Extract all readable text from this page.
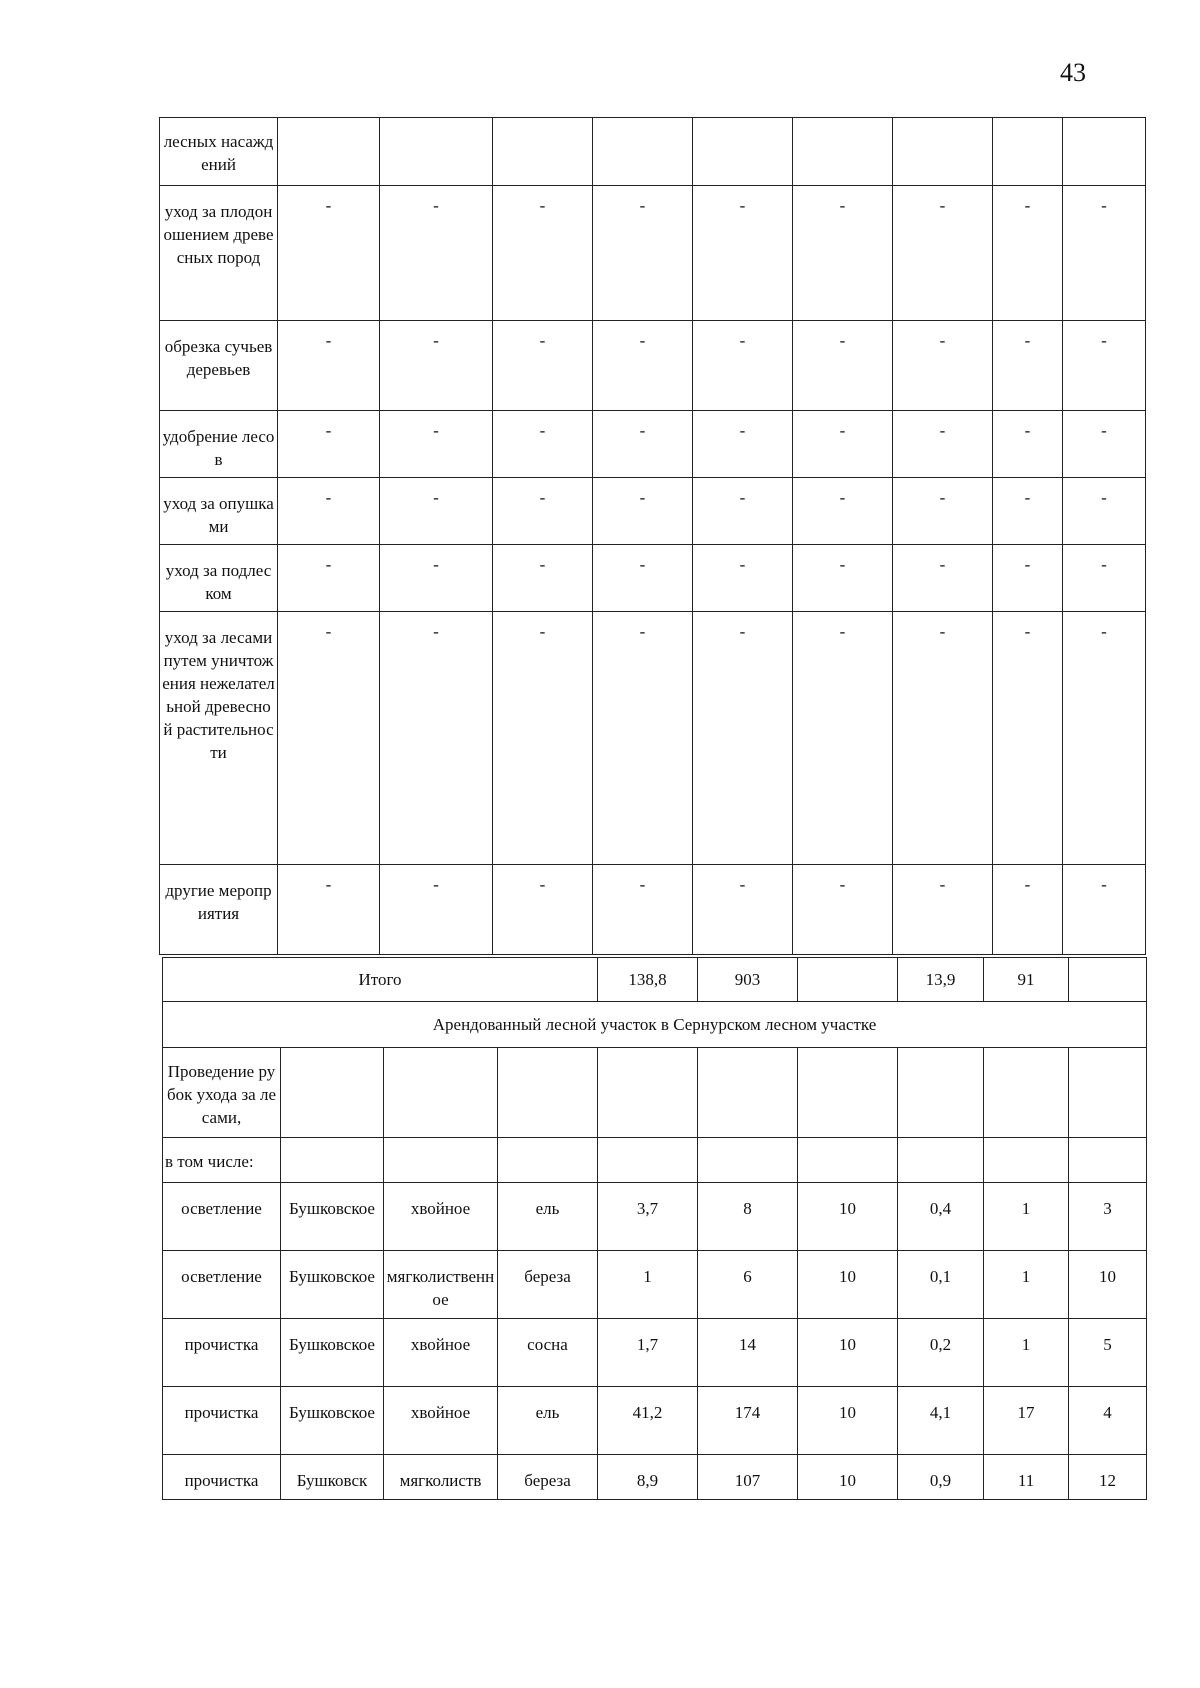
43
лесных насаждений									
уход за плодоношением древесных пород	-	-	-	-	-	-	-	-	-
обрезка сучьев деревьев	-	-	-	-	-	-	-	-	-
удобрение лесов	-	-	-	-	-	-	-	-	-
уход за опушками	-	-	-	-	-	-	-	-	-
уход за подлеском	-	-	-	-	-	-	-	-	-
уход за лесами путем уничтожения нежелательной древесной растительности	-	-	-	-	-	-	-	-	-
другие мероприятия	-	-	-	-	-	-	-	-	-
Итого				138,8	903		13,9	91	
Арендованный лесной участок в Сернурском лесном участке									
Проведение рубок ухода за лесами,									
в том числе:									
осветление	Бушковское	хвойное	ель	3,7	8	10	0,4	1	3
осветление	Бушковское	мягколиственное	береза	1	6	10	0,1	1	10
прочистка	Бушковское	хвойное	сосна	1,7	14	10	0,2	1	5
прочистка	Бушковское	хвойное	ель	41,2	174	10	4,1	17	4
прочистка	Бушковск	мягколиств	береза	8,9	107	10	0,9	11	12
